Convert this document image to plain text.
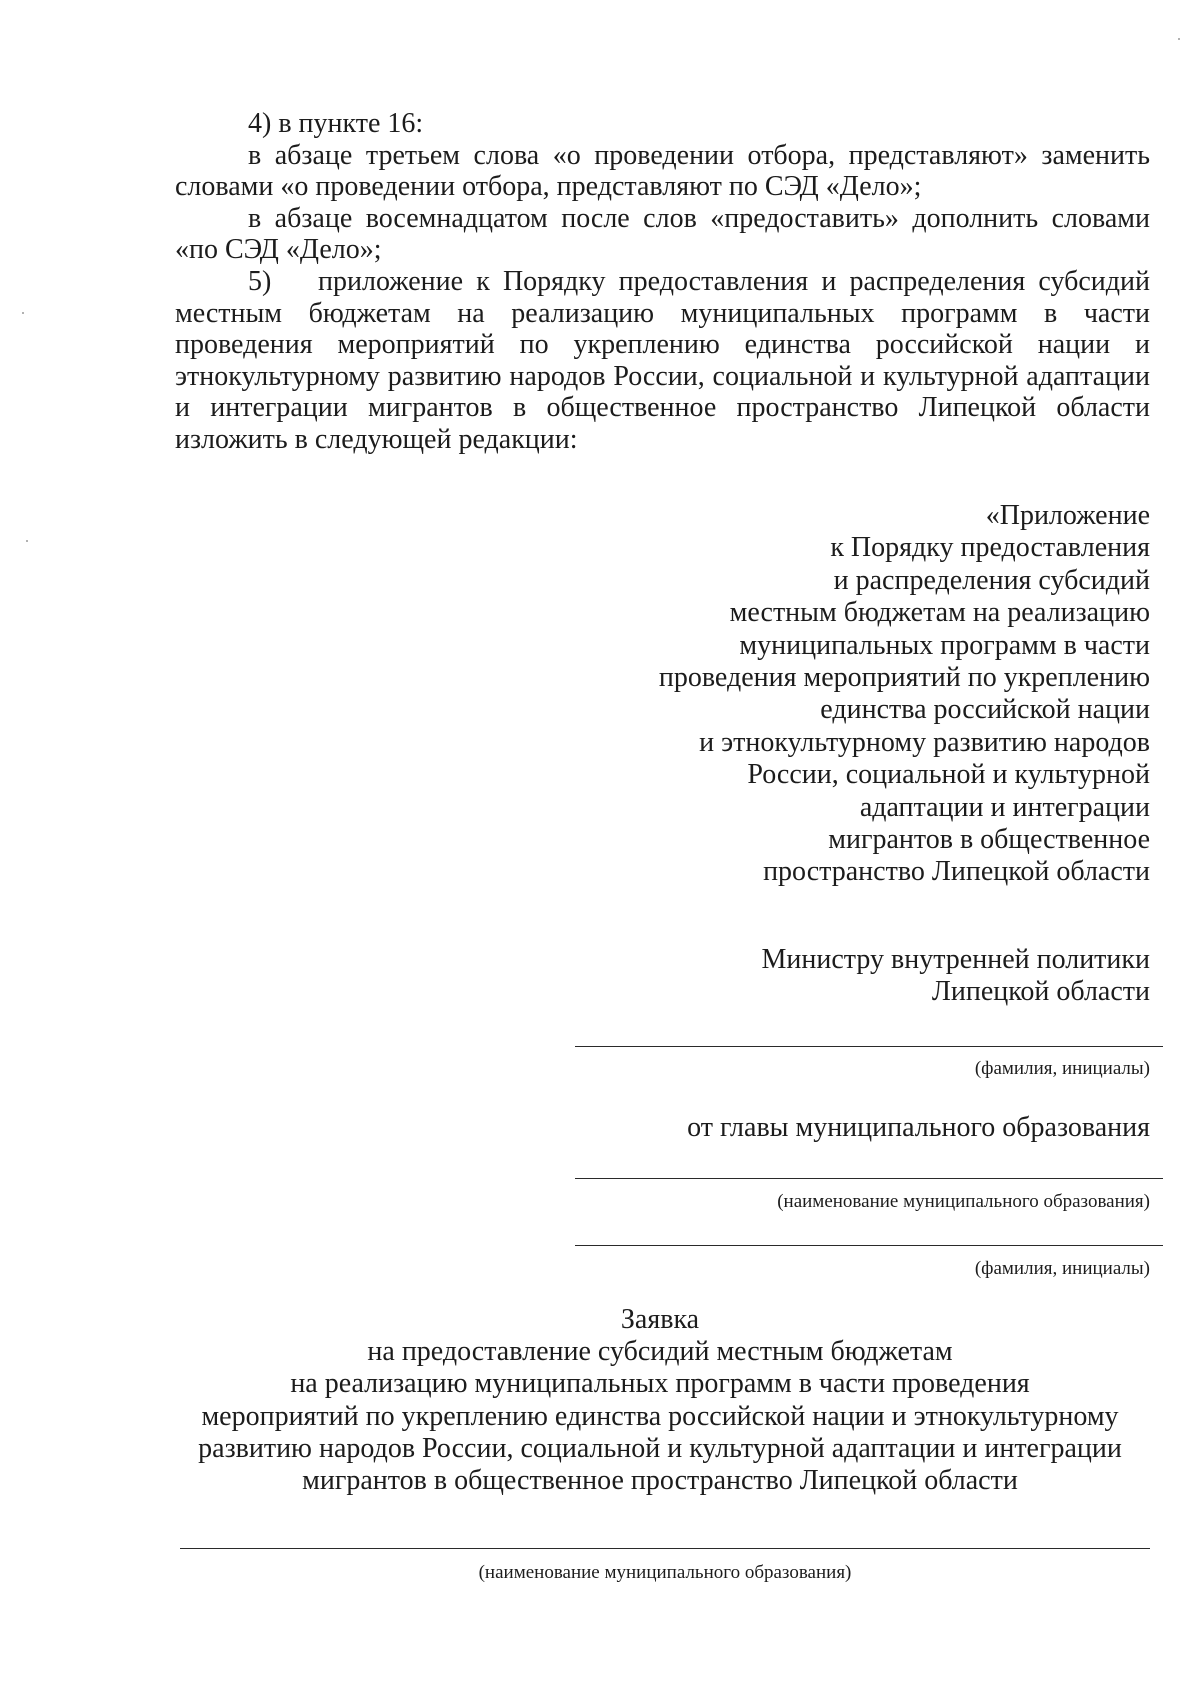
4) в пункте 16:

в абзаце третьем слова «о проведении отбора, представляют» заменить словами «о проведении отбора, представляют по СЭД «Дело»;

в абзаце восемнадцатом после слов «предоставить» дополнить словами «по СЭД «Дело»;

5) приложение к Порядку предоставления и распределения субсидий местным бюджетам на реализацию муниципальных программ в части проведения мероприятий по укреплению единства российской нации и этнокультурному развитию народов России, социальной и культурной адаптации и интеграции мигрантов в общественное пространство Липецкой области изложить в следующей редакции:

«Приложение
к Порядку предоставления
и распределения субсидий
местным бюджетам на реализацию
муниципальных программ в части
проведения мероприятий по укреплению
единства российской нации
и этнокультурному развитию народов
России, социальной и культурной
адаптации и интеграции
мигрантов в общественное
пространство Липецкой области
Министру внутренней политики
Липецкой области
(фамилия, инициалы)
от главы муниципального образования
(наименование муниципального образования)
(фамилия, инициалы)
Заявка
на предоставление субсидий местным бюджетам
на реализацию муниципальных программ в части проведения
мероприятий по укреплению единства российской нации и этнокультурному
развитию народов России, социальной и культурной адаптации и интеграции
мигрантов в общественное пространство Липецкой области
(наименование муниципального образования)
